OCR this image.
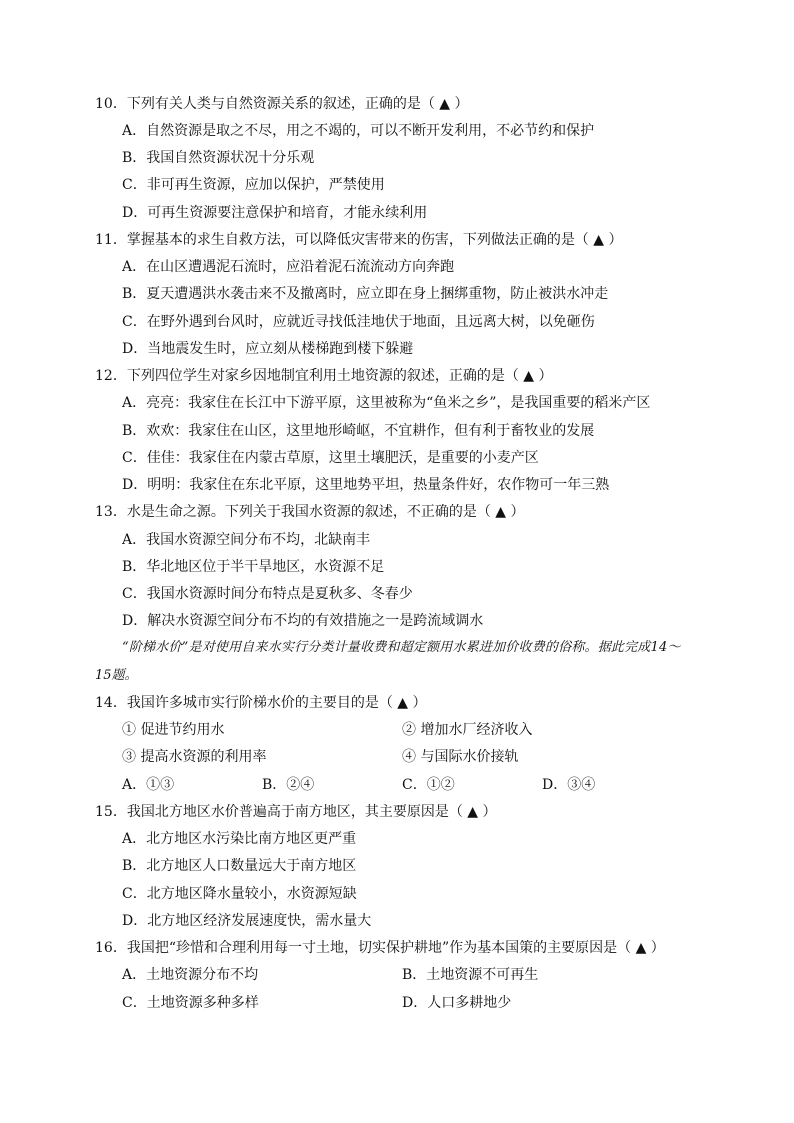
10．下列有关人类与自然资源关系的叙述，正确的是（ ▲ ）
A．自然资源是取之不尽，用之不竭的，可以不断开发利用，不必节约和保护
B．我国自然资源状况十分乐观
C．非可再生资源，应加以保护，严禁使用
D．可再生资源要注意保护和培育，才能永续利用
11．掌握基本的求生自救方法，可以降低灾害带来的伤害，下列做法正确的是（ ▲ ）
A．在山区遭遇泥石流时，应沿着泥石流流动方向奔跑
B．夏天遭遇洪水袭击来不及撤离时，应立即在身上捆绑重物，防止被洪水冲走
C．在野外遇到台风时，应就近寻找低洼地伏于地面，且远离大树，以免砸伤
D．当地震发生时，应立刻从楼梯跑到楼下躲避
12．下列四位学生对家乡因地制宜利用土地资源的叙述，正确的是（ ▲ ）
A．亮亮：我家住在长江中下游平原，这里被称为“鱼米之乡”，是我国重要的稻米产区
B．欢欢：我家住在山区，这里地形崎岖，不宜耕作，但有利于畜牧业的发展
C．佳佳：我家住在内蒙古草原，这里土壤肥沃，是重要的小麦产区
D．明明：我家住在东北平原，这里地势平坦，热量条件好，农作物可一年三熟
13．水是生命之源。下列关于我国水资源的叙述，不正确的是（ ▲ ）
A．我国水资源空间分布不均，北缺南丰
B．华北地区位于半干旱地区，水资源不足
C．我国水资源时间分布特点是夏秋多、冬春少
D．解决水资源空间分布不均的有效措施之一是跨流域调水
“阶梯水价”是对使用自来水实行分类计量收费和超定额用水累进加价收费的俗称。据此完成14～
15题。
14．我国许多城市实行阶梯水价的主要目的是（ ▲ ）
① 促进节约用水	② 增加水厂经济收入
③ 提高水资源的利用率	④ 与国际水价接轨
A．①③	B．②④	C．①②	D．③④
15．我国北方地区水价普遍高于南方地区，其主要原因是（ ▲ ）
A．北方地区水污染比南方地区更严重
B．北方地区人口数量远大于南方地区
C．北方地区降水量较小，水资源短缺
D．北方地区经济发展速度快，需水量大
16．我国把“珍惜和合理利用每一寸土地，切实保护耕地”作为基本国策的主要原因是（ ▲ ）
A．土地资源分布不均	B．土地资源不可再生
C．土地资源多种多样	D．人口多耕地少
